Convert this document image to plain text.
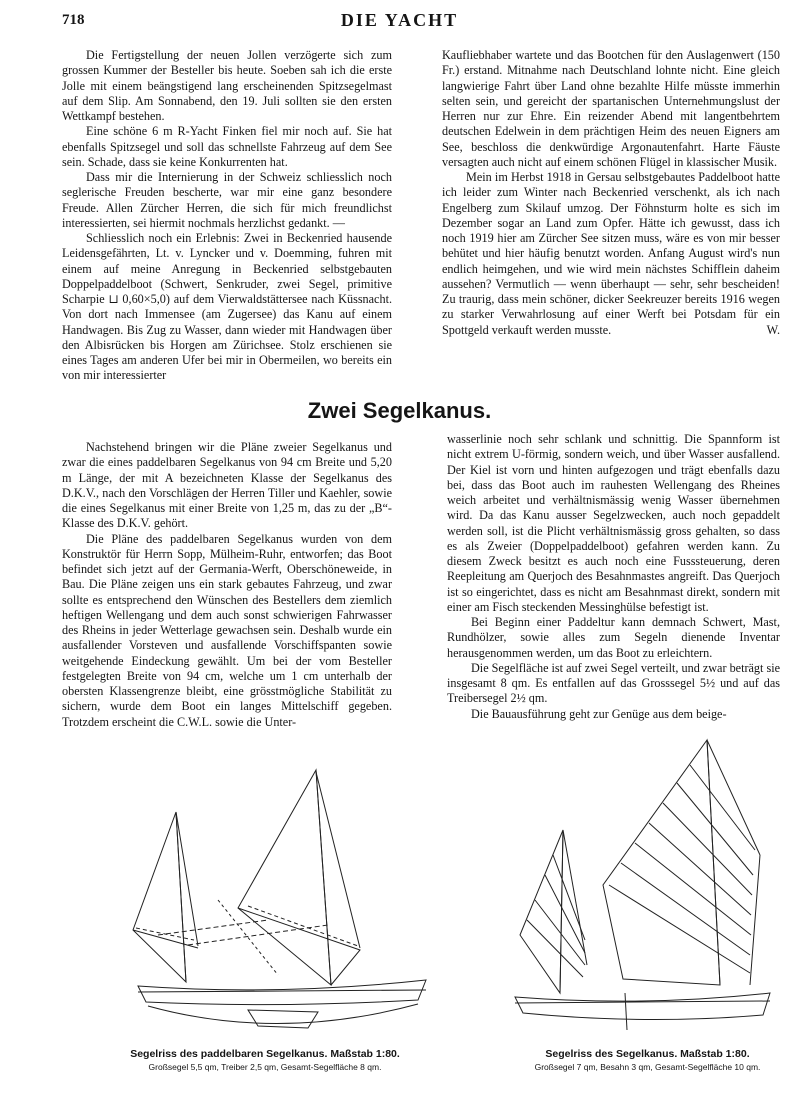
718	DIE YACHT

Die Fertigstellung der neuen Jollen verzögerte sich zum grossen Kummer der Besteller bis heute. Soeben sah ich die erste Jolle mit einem beängstigend lang erscheinenden Spitzsegelmast auf dem Slip. Am Sonnabend, den 19. Juli sollten sie den ersten Wettkampf bestehen.

Eine schöne 6 m R-Yacht Finken fiel mir noch auf. Sie hat ebenfalls Spitzsegel und soll das schnellste Fahrzeug auf dem See sein. Schade, dass sie keine Konkurrenten hat.

Dass mir die Internierung in der Schweiz schliesslich noch seglerische Freuden bescherte, war mir eine ganz besondere Freude. Allen Zürcher Herren, die sich für mich freundlichst interessierten, sei hiermit nochmals herzlichst gedankt. —

Schliesslich noch ein Erlebnis: Zwei in Beckenried hausende Leidensgefährten, Lt. v. Lyncker und v. Doemming, fuhren mit einem auf meine Anregung in Beckenried selbstgebauten Doppelpaddelboot (Schwert, Senkruder, zwei Segel, primitive Scharpie ⊔ 0,60×5,0) auf dem Vierwaldstättersee nach Küssnacht. Von dort nach Immensee (am Zugersee) das Kanu auf einem Handwagen. Bis Zug zu Wasser, dann wieder mit Handwagen über den Albisrücken bis Horgen am Zürichsee. Stolz erschienen sie eines Tages am anderen Ufer bei mir in Obermeilen, wo bereits ein von mir interessierter

Kaufliebhaber wartete und das Bootchen für den Auslagenwert (150 Fr.) erstand. Mitnahme nach Deutschland lohnte nicht. Eine gleich langwierige Fahrt über Land ohne bezahlte Hilfe müsste immerhin selten sein, und gereicht der spartanischen Unternehmungslust der Herren nur zur Ehre. Ein reizender Abend mit langentbehrtem deutschen Edelwein in dem prächtigen Heim des neuen Eigners am See, beschloss die denkwürdige Argonautenfahrt. Harte Fäuste versagten auch nicht auf einem schönen Flügel in klassischer Musik.

Mein im Herbst 1918 in Gersau selbstgebautes Paddelboot hatte ich leider zum Winter nach Beckenried verschenkt, als ich nach Engelberg zum Skilauf umzog. Der Föhnsturm holte es sich im Dezember sogar an Land zum Opfer. Hätte ich gewusst, dass ich noch 1919 hier am Zürcher See sitzen muss, wäre es von mir besser behütet und hier häufig benutzt worden. Anfang August wird's nun endlich heimgehen, und wie wird mein nächstes Schifflein daheim aussehen? Vermutlich — wenn überhaupt — sehr, sehr bescheiden! Zu traurig, dass mein schöner, dicker Seekreuzer bereits 1916 wegen zu starker Verwahrlosung auf einer Werft bei Potsdam für ein Spottgeld verkauft werden musste.	W.

Zwei Segelkanus.

Nachstehend bringen wir die Pläne zweier Segelkanus und zwar die eines paddelbaren Segelkanus von 94 cm Breite und 5,20 m Länge, der mit A bezeichneten Klasse der Segelkanus des D.K.V., nach den Vorschlägen der Herren Tiller und Kaehler, sowie die eines Segelkanus mit einer Breite von 1,25 m, das zu der „B“-Klasse des D.K.V. gehört.

Die Pläne des paddelbaren Segelkanus wurden von dem Konstruktör für Herrn Sopp, Mülheim-Ruhr, entworfen; das Boot befindet sich jetzt auf der Germania-Werft, Oberschöneweide, in Bau. Die Pläne zeigen uns ein stark gebautes Fahrzeug, und zwar sollte es entsprechend den Wünschen des Bestellers dem ziemlich heftigen Wellengang und dem auch sonst schwierigen Fahrwasser des Rheins in jeder Wetterlage gewachsen sein. Deshalb wurde ein ausfallender Vorsteven und ausfallende Vorschiffspanten sowie weitgehende Eindeckung gewählt. Um bei der vom Besteller festgelegten Breite von 94 cm, welche um 1 cm unterhalb der obersten Klassengrenze bleibt, eine grösstmögliche Stabilität zu sichern, wurde dem Boot ein langes Mittelschiff gegeben. Trotzdem erscheint die C.W.L. sowie die Unter-

wasserlinie noch sehr schlank und schnittig. Die Spannform ist nicht extrem U-förmig, sondern weich, und über Wasser ausfallend. Der Kiel ist vorn und hinten aufgezogen und trägt ebenfalls dazu bei, dass das Boot auch im rauhesten Wellengang des Rheines weich arbeitet und verhältnismässig wenig Wasser übernehmen wird. Da das Kanu ausser Segelzwecken, auch noch gepaddelt werden soll, ist die Plicht verhältnismässig gross gehalten, so dass es als Zweier (Doppelpaddelboot) gefahren werden kann. Zu diesem Zweck besitzt es auch noch eine Fusssteuerung, deren Reepleitung am Querjoch des Besahnmastes angreift. Das Querjoch ist so eingerichtet, dass es nicht am Besahnmast direkt, sondern mit einer am Fisch steckenden Messinghülse befestigt ist.

Bei Beginn einer Paddeltur kann demnach Schwert, Mast, Rundhölzer, sowie alles zum Segeln dienende Inventar herausgenommen werden, um das Boot zu erleichtern.

Die Segelfläche ist auf zwei Segel verteilt, und zwar beträgt sie insgesamt 8 qm. Es entfallen auf das Grosssegel 5½ und auf das Treibersegel 2½ qm.

Die Bauausführung geht zur Genüge aus dem beige-

Segelriss des paddelbaren Segelkanus. Maßstab 1:80.
Großsegel 5,5 qm, Treiber 2,5 qm, Gesamt-Segelfläche 8 qm.
Segelriss des Segelkanus. Maßstab 1:80.
Großsegel 7 qm, Besahn 3 qm, Gesamt-Segelfläche 10 qm.
